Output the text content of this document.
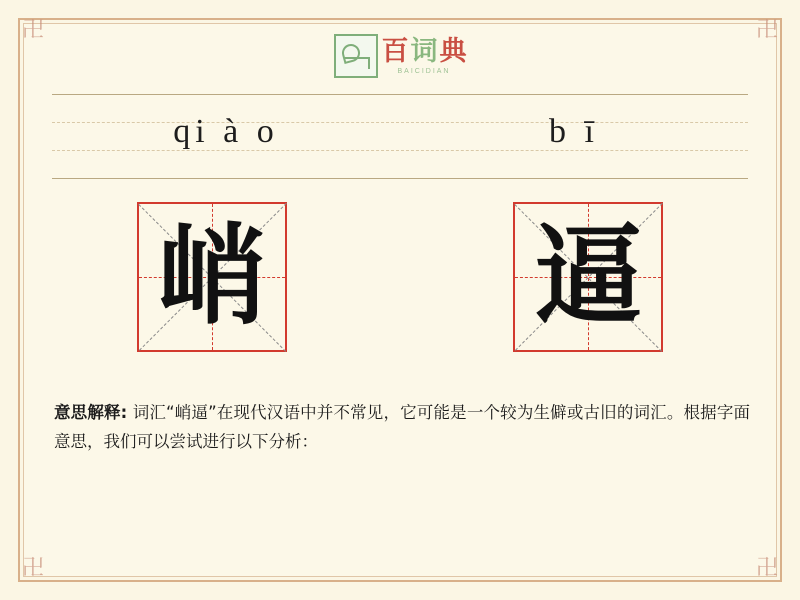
卍	卍
卍	卍
百 词 典
BAICIDIAN
qi à o	b ī
峭 逼
意思解释: 词汇“峭逼”在现代汉语中并不常见，它可能是一个较为生僻或古旧的词汇。根据字面意思，我们可以尝试进行以下分析：
